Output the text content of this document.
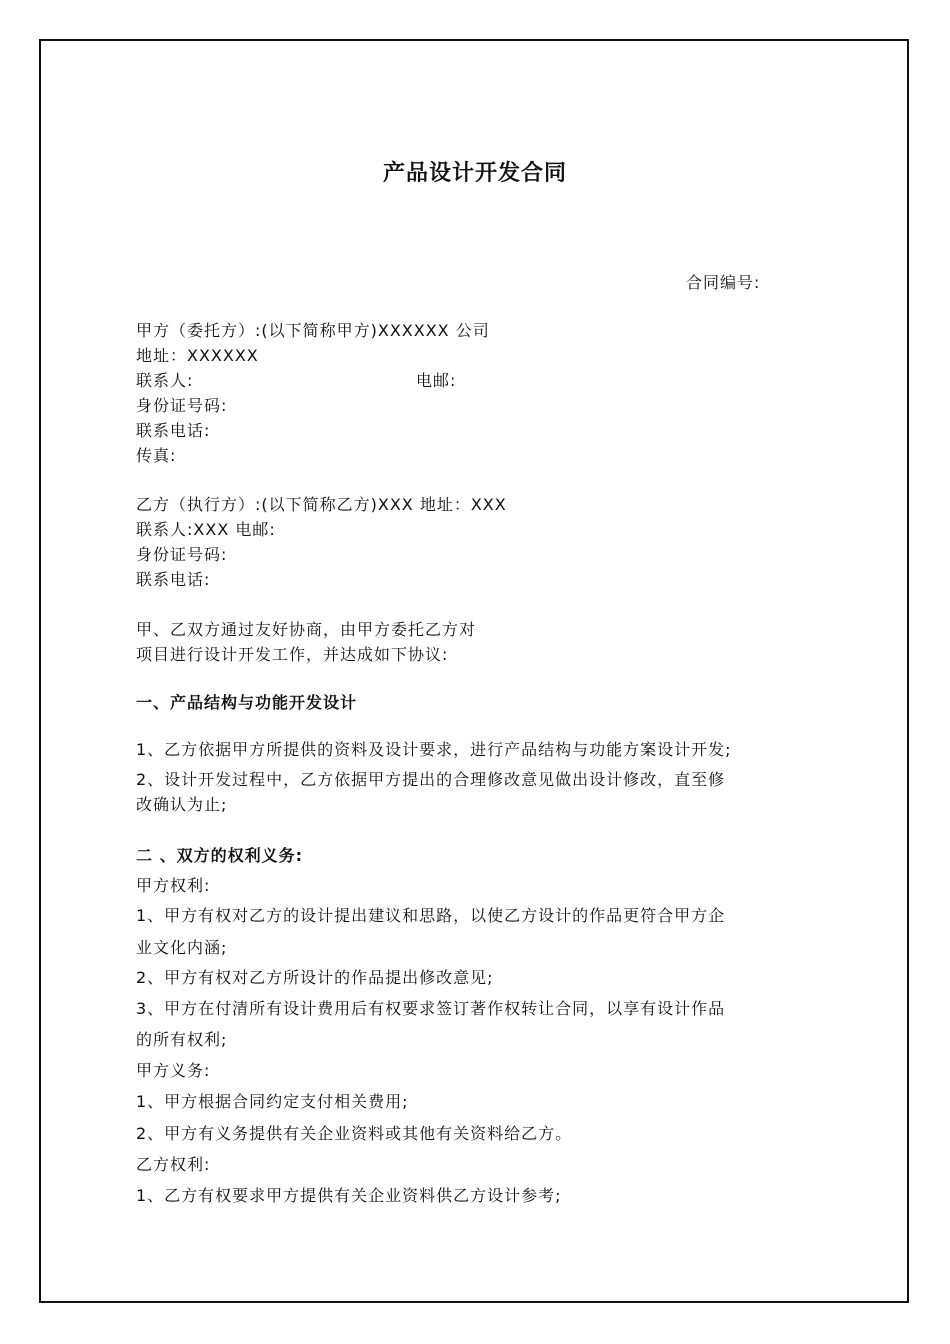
产品设计开发合同
合同编号:
甲方（委托方）:(以下简称甲方)XXXXXX 公司
地址：XXXXXX
联系人:	电邮:
身份证号码:
联系电话:
传真:
乙方（执行方）:(以下简称乙方)XXX 地址：XXX
联系人:XXX 电邮:
身份证号码:
联系电话:
甲、乙双方通过友好协商，由甲方委托乙方对
项目进行设计开发工作，并达成如下协议:
一、产品结构与功能开发设计
1、乙方依据甲方所提供的资料及设计要求，进行产品结构与功能方案设计开发;
2、设计开发过程中，乙方依据甲方提出的合理修改意见做出设计修改，直至修
改确认为止;
二 、双方的权利义务:
甲方权利:
1、甲方有权对乙方的设计提出建议和思路，以使乙方设计的作品更符合甲方企
业文化内涵;
2、甲方有权对乙方所设计的作品提出修改意见;
3、甲方在付清所有设计费用后有权要求签订著作权转让合同，以享有设计作品
的所有权利;
甲方义务:
1、甲方根据合同约定支付相关费用;
2、甲方有义务提供有关企业资料或其他有关资料给乙方。
乙方权利:
1、乙方有权要求甲方提供有关企业资料供乙方设计参考;
